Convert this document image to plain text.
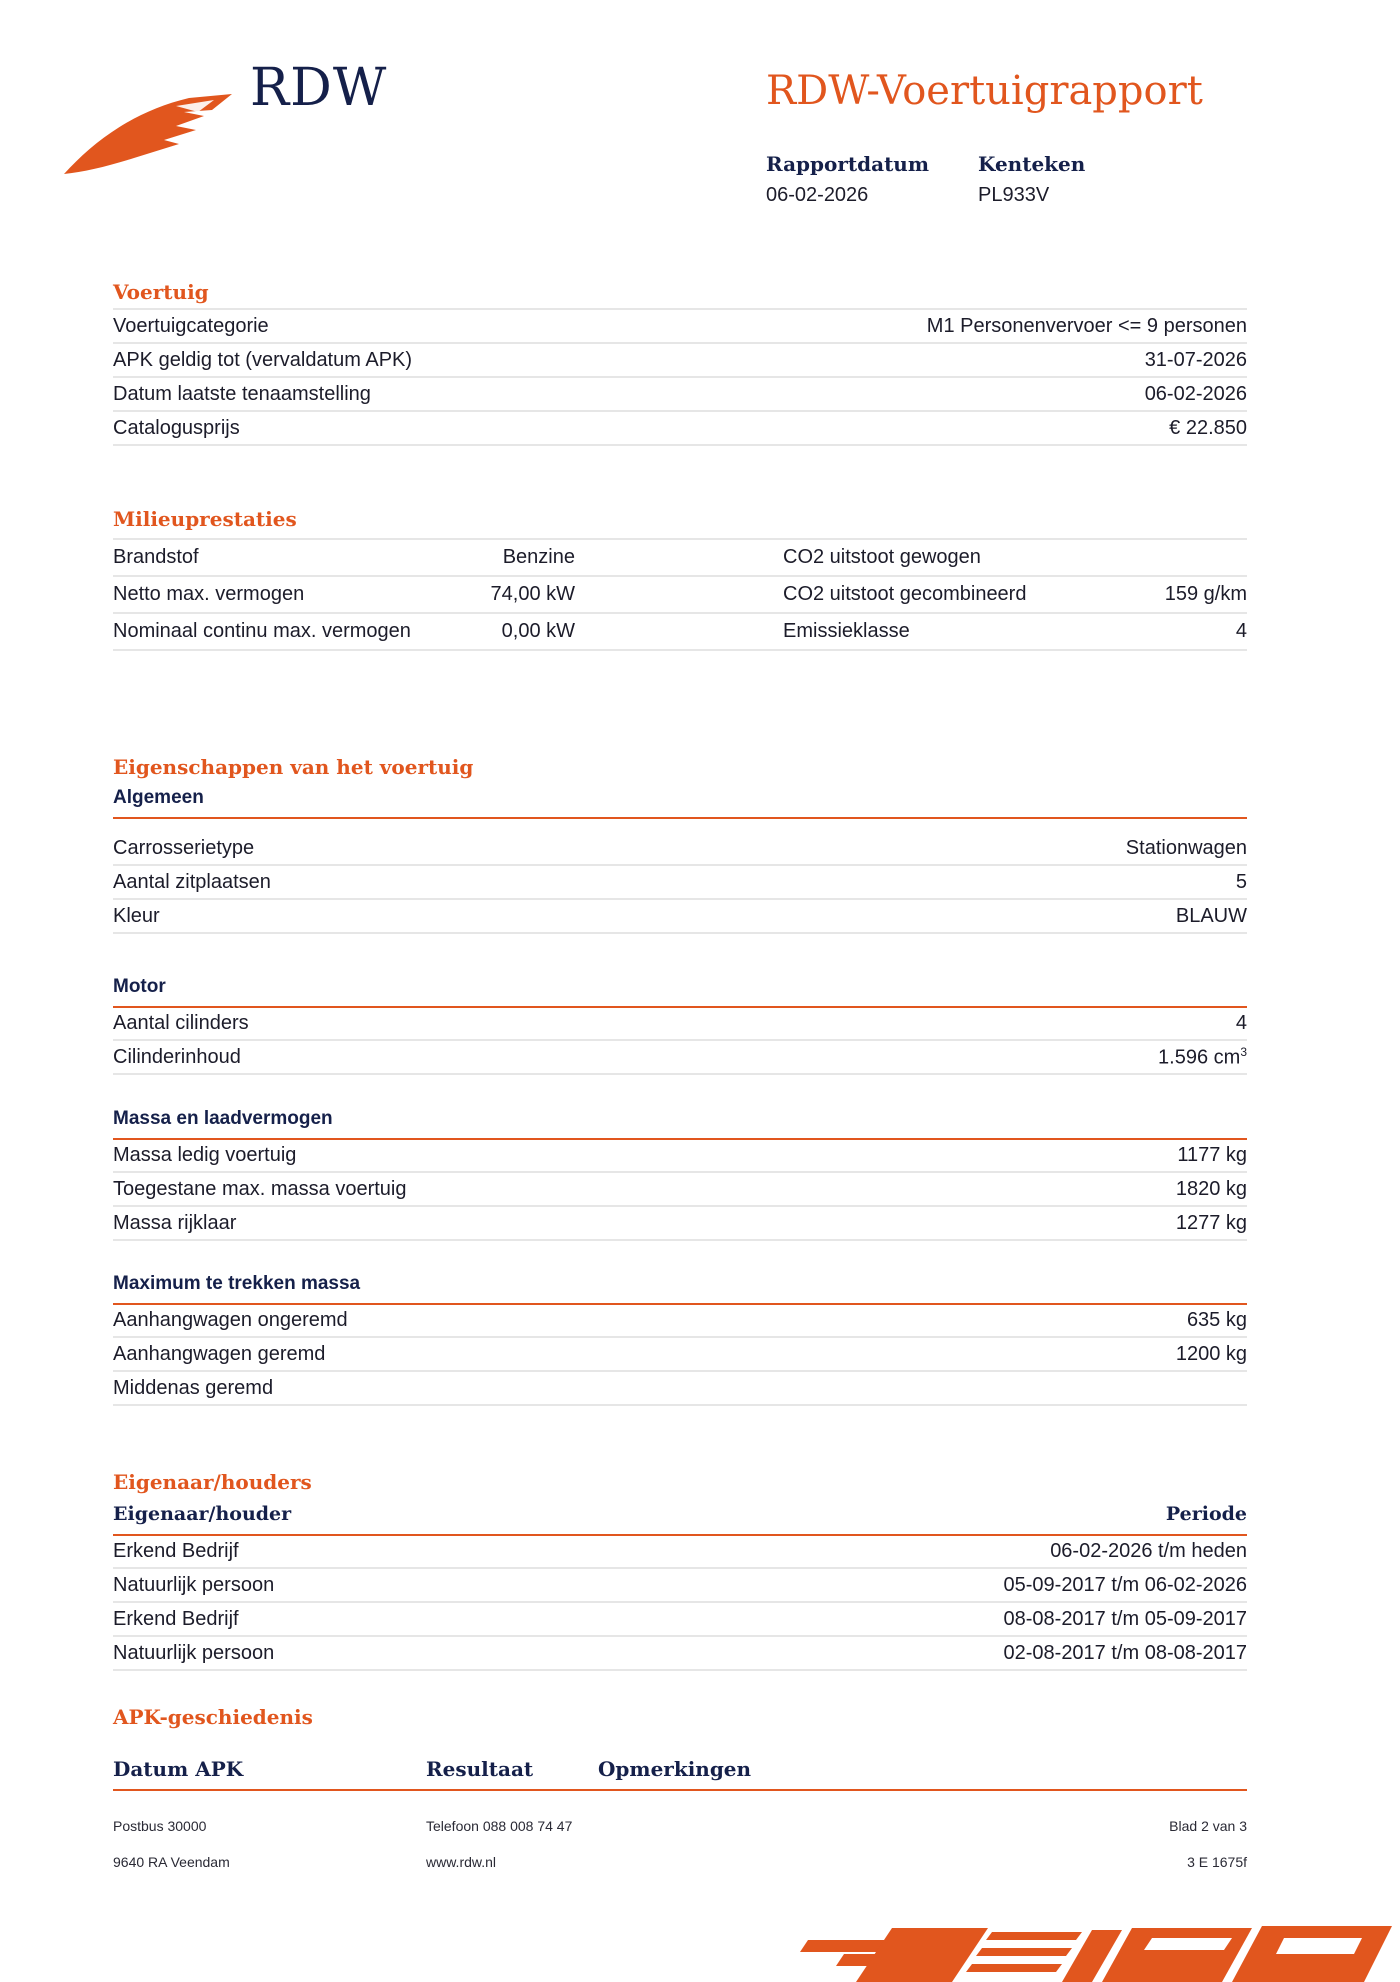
RDW	RDW-Voertuigrapport
Rapportdatum
06-02-2026
Kenteken
PL933V
Voertuig
Voertuigcategorie	M1 Personenvervoer <= 9 personen
APK geldig tot (vervaldatum APK)	31-07-2026
Datum laatste tenaamstelling	06-02-2026
Catalogusprijs	€ 22.850
Milieuprestaties
Brandstof	Benzine	CO2 uitstoot gewogen
Netto max. vermogen	74,00 kW	CO2 uitstoot gecombineerd	159 g/km
Nominaal continu max. vermogen	0,00 kW	Emissieklasse	4
Eigenschappen van het voertuig
Algemeen
Carrosserietype	Stationwagen
Aantal zitplaatsen	5
Kleur	BLAUW
Motor
Aantal cilinders	4
Cilinderinhoud	1.596 $cm^3$
Massa en laadvermogen
Massa ledig voertuig	1177 kg
Toegestane max. massa voertuig	1820 kg
Massa rijklaar	1277 kg
Maximum te trekken massa
Aanhangwagen ongeremd	635 kg
Aanhangwagen geremd	1200 kg
Middenas geremd
Eigenaar/houders
Eigenaar/houder	Periode
Erkend Bedrijf	06-02-2026 t/m heden
Natuurlijk persoon	05-09-2017 t/m 06-02-2026
Erkend Bedrijf	08-08-2017 t/m 05-09-2017
Natuurlijk persoon	02-08-2017 t/m 08-08-2017
APK-geschiedenis
Datum APK	Resultaat	Opmerkingen
Postbus 30000
9640 RA Veendam
Telefoon 088 008 74 47
www.rdw.nl
Blad 2 van 3
3 E 1675f
